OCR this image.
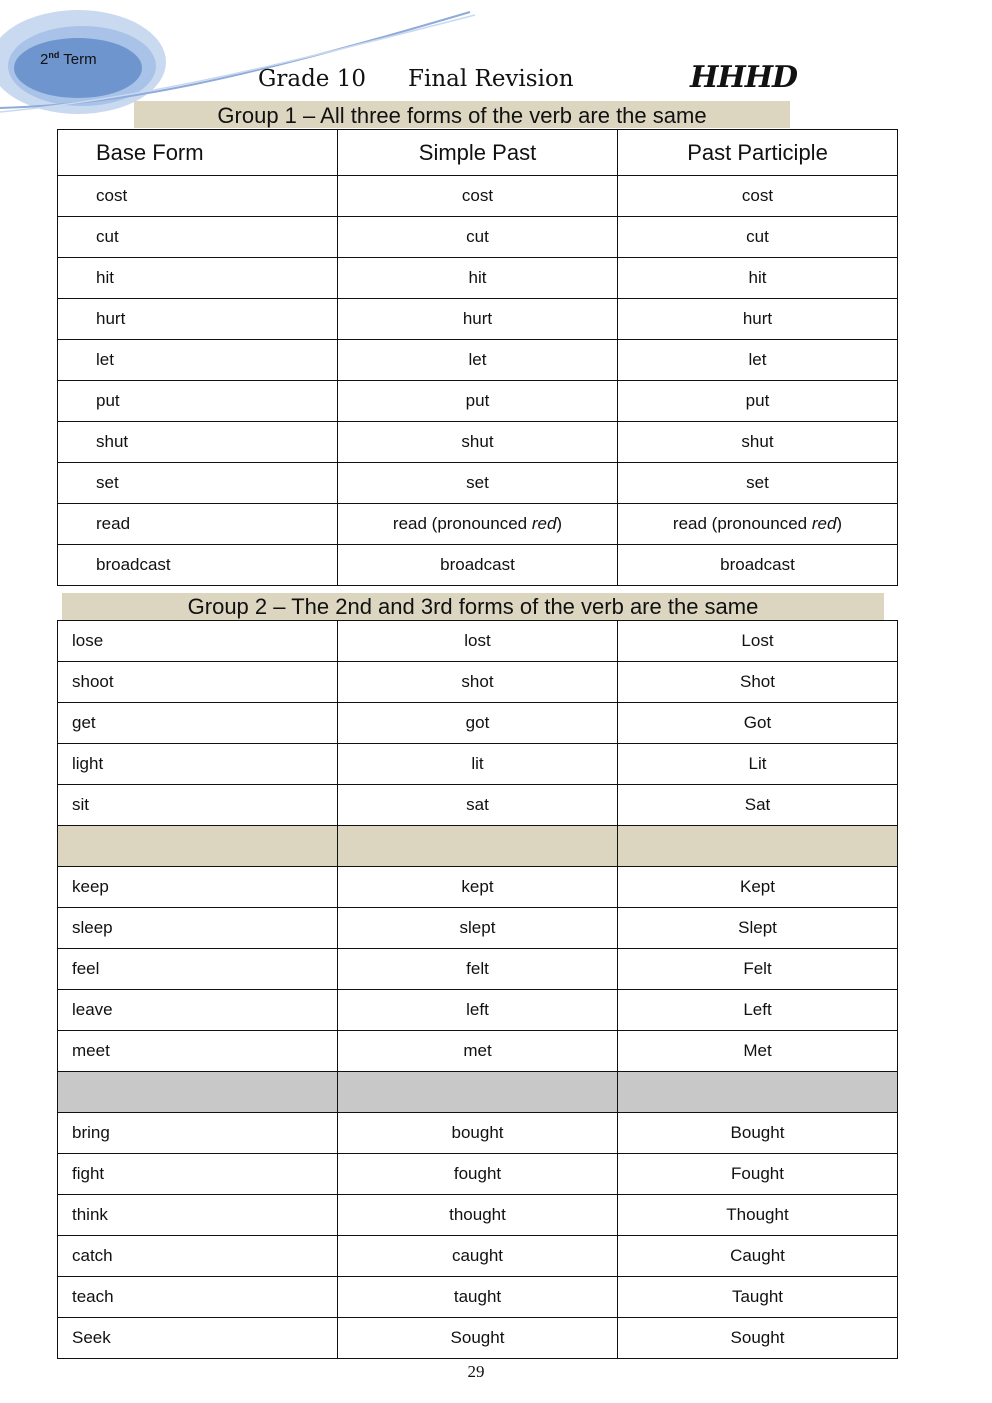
2nd Term
Grade 10 Final Revision	HHHD
Group 1 – All three forms of the verb are the same
Base Form	Simple Past	Past Participle
cost	cost	cost
cut	cut	cut
hit	hit	hit
hurt	hurt	hurt
let	let	let
put	put	put
shut	shut	shut
set	set	set
read	read (pronounced red)	read (pronounced red)
broadcast	broadcast	broadcast
Group 2 – The 2nd and 3rd forms of the verb are the same
lose	lost	Lost
shoot	shot	Shot
get	got	Got
light	lit	Lit
sit	sat	Sat

keep	kept	Kept
sleep	slept	Slept
feel	felt	Felt
leave	left	Left
meet	met	Met

bring	bought	Bought
fight	fought	Fought
think	thought	Thought
catch	caught	Caught
teach	taught	Taught
Seek	Sought	Sought
29
